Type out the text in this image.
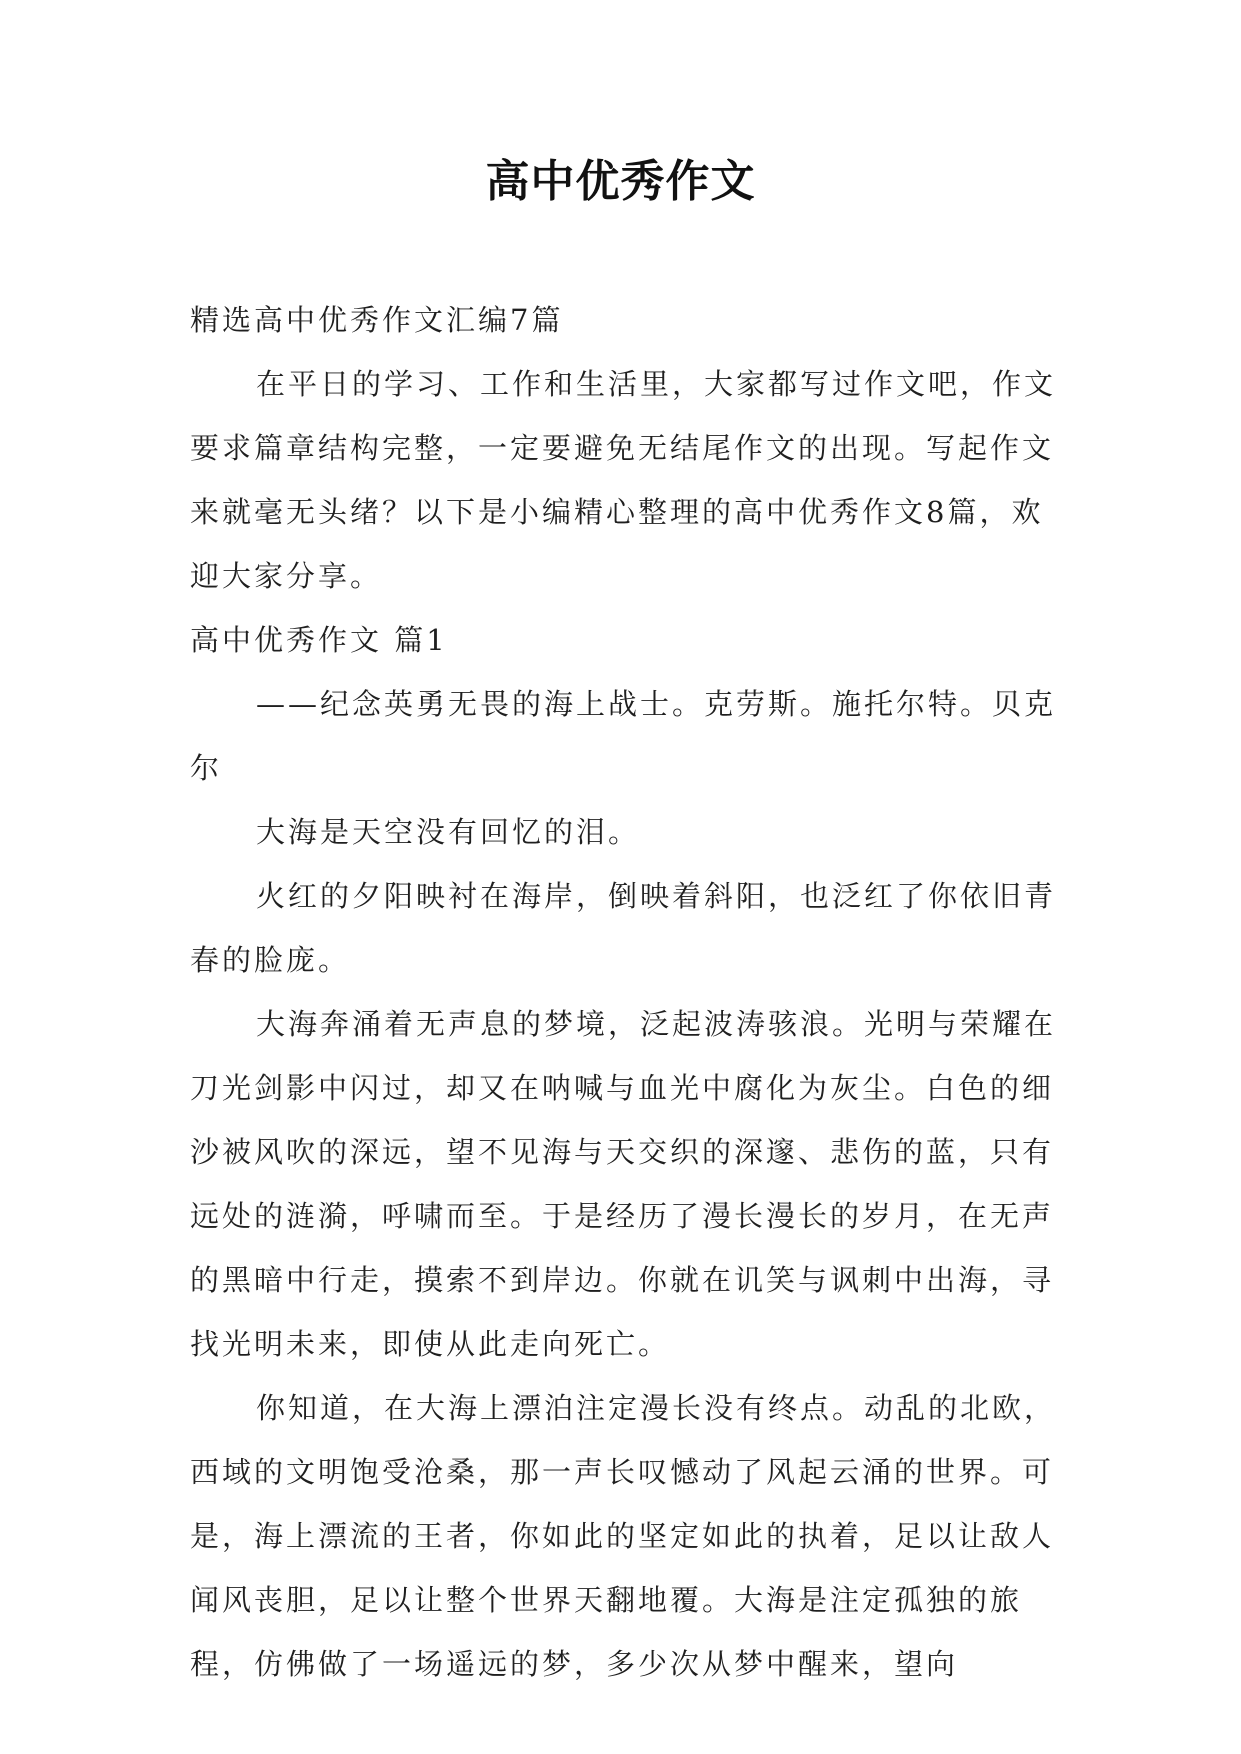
高中优秀作文

精选高中优秀作文汇编7篇

在平日的学习、工作和生活里，大家都写过作文吧，作文要求篇章结构完整，一定要避免无结尾作文的出现。写起作文来就毫无头绪？以下是小编精心整理的高中优秀作文8篇，欢迎大家分享。

高中优秀作文 篇1

——纪念英勇无畏的海上战士。克劳斯。施托尔特。贝克尔

大海是天空没有回忆的泪。

火红的夕阳映衬在海岸，倒映着斜阳，也泛红了你依旧青春的脸庞。

大海奔涌着无声息的梦境，泛起波涛骇浪。光明与荣耀在刀光剑影中闪过，却又在呐喊与血光中腐化为灰尘。白色的细沙被风吹的深远，望不见海与天交织的深邃、悲伤的蓝，只有远处的涟漪，呼啸而至。于是经历了漫长漫长的岁月，在无声的黑暗中行走，摸索不到岸边。你就在讥笑与讽刺中出海，寻找光明未来，即使从此走向死亡。

你知道，在大海上漂泊注定漫长没有终点。动乱的北欧，西域的文明饱受沧桑，那一声长叹憾动了风起云涌的世界。可是，海上漂流的王者，你如此的坚定如此的执着，足以让敌人闻风丧胆，足以让整个世界天翻地覆。大海是注定孤独的旅程，仿佛做了一场遥远的梦，多少次从梦中醒来，望向
